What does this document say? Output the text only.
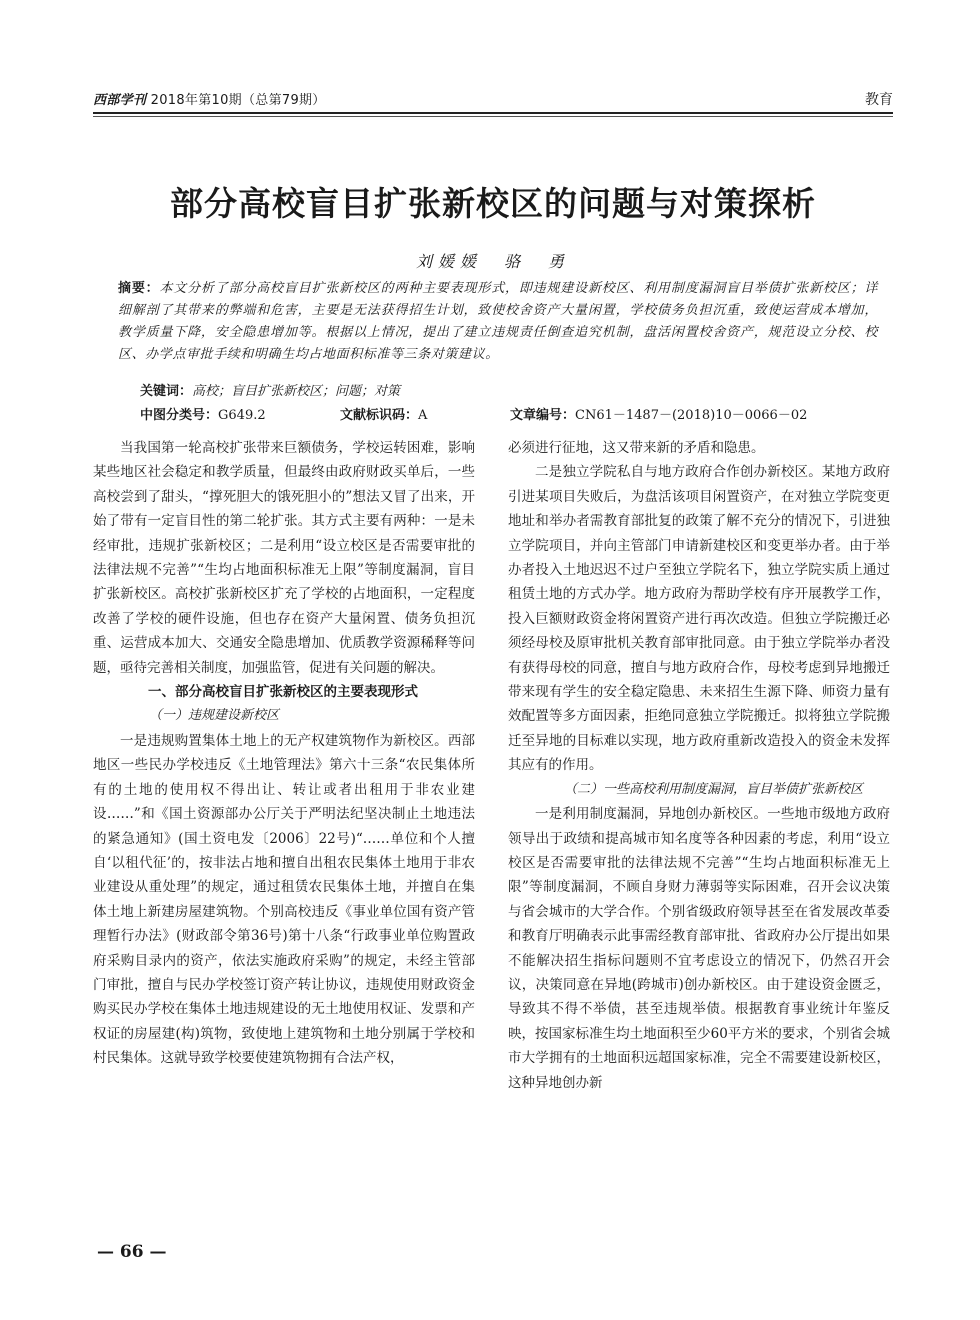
西部学刊 2018年第10期（总第79期）	教育
部分高校盲目扩张新校区的问题与对策探析
刘媛媛　骆　勇
摘要：本文分析了部分高校盲目扩张新校区的两种主要表现形式，即违规建设新校区、利用制度漏洞盲目举债扩张新校区；详细解剖了其带来的弊端和危害，主要是无法获得招生计划，致使校舍资产大量闲置，学校债务负担沉重，致使运营成本增加，教学质量下降，安全隐患增加等。根据以上情况，提出了建立违规责任倒查追究机制，盘活闲置校舍资产，规范设立分校、校区、办学点审批手续和明确生均占地面积标准等三条对策建议。
关键词：高校；盲目扩张新校区；问题；对策
中图分类号：G649.2	文献标识码：A	文章编号：CN61－1487－(2018)10－0066－02

当我国第一轮高校扩张带来巨额债务，学校运转困难，影响某些地区社会稳定和教学质量，但最终由政府财政买单后，一些高校尝到了甜头，“撑死胆大的饿死胆小的”想法又冒了出来，开始了带有一定盲目性的第二轮扩张。其方式主要有两种：一是未经审批，违规扩张新校区；二是利用“设立校区是否需要审批的法律法规不完善”“生均占地面积标准无上限”等制度漏洞，盲目扩张新校区。高校扩张新校区扩充了学校的占地面积，一定程度改善了学校的硬件设施，但也存在资产大量闲置、债务负担沉重、运营成本加大、交通安全隐患增加、优质教学资源稀释等问题，亟待完善相关制度，加强监管，促进有关问题的解决。

一、部分高校盲目扩张新校区的主要表现形式

（一）违规建设新校区

一是违规购置集体土地上的无产权建筑物作为新校区。西部地区一些民办学校违反《土地管理法》第六十三条“农民集体所有的土地的使用权不得出让、转让或者出租用于非农业建设……”和《国土资源部办公厅关于严明法纪坚决制止土地违法的紧急通知》(国土资电发〔2006〕22号)“……单位和个人擅自‘以租代征’的，按非法占地和擅自出租农民集体土地用于非农业建设从重处理”的规定，通过租赁农民集体土地，并擅自在集体土地上新建房屋建筑物。个别高校违反《事业单位国有资产管理暂行办法》(财政部令第36号)第十八条“行政事业单位购置政府采购目录内的资产，依法实施政府采购”的规定，未经主管部门审批，擅自与民办学校签订资产转让协议，违规使用财政资金购买民办学校在集体土地违规建设的无土地使用权证、发票和产权证的房屋建(构)筑物，致使地上建筑物和土地分别属于学校和村民集体。这就导致学校要使建筑物拥有合法产权，

必须进行征地，这又带来新的矛盾和隐患。

二是独立学院私自与地方政府合作创办新校区。某地方政府引进某项目失败后，为盘活该项目闲置资产，在对独立学院变更地址和举办者需教育部批复的政策了解不充分的情况下，引进独立学院项目，并向主管部门申请新建校区和变更举办者。由于举办者投入土地迟迟不过户至独立学院名下，独立学院实质上通过租赁土地的方式办学。地方政府为帮助学校有序开展教学工作，投入巨额财政资金将闲置资产进行再次改造。但独立学院搬迁必须经母校及原审批机关教育部审批同意。由于独立学院举办者没有获得母校的同意，擅自与地方政府合作，母校考虑到异地搬迁带来现有学生的安全稳定隐患、未来招生生源下降、师资力量有效配置等多方面因素，拒绝同意独立学院搬迁。拟将独立学院搬迁至异地的目标难以实现，地方政府重新改造投入的资金未发挥其应有的作用。

（二）一些高校利用制度漏洞，盲目举债扩张新校区

一是利用制度漏洞，异地创办新校区。一些地市级地方政府领导出于政绩和提高城市知名度等各种因素的考虑，利用“设立校区是否需要审批的法律法规不完善”“生均占地面积标准无上限”等制度漏洞，不顾自身财力薄弱等实际困难，召开会议决策与省会城市的大学合作。个别省级政府领导甚至在省发展改革委和教育厅明确表示此事需经教育部审批、省政府办公厅提出如果不能解决招生指标问题则不宜考虑设立的情况下，仍然召开会议，决策同意在异地(跨城市)创办新校区。由于建设资金匮乏，导致其不得不举债，甚至违规举债。根据教育事业统计年鉴反映，按国家标准生均土地面积至少60平方米的要求，个别省会城市大学拥有的土地面积远超国家标准，完全不需要建设新校区，这种异地创办新

— 66 —
